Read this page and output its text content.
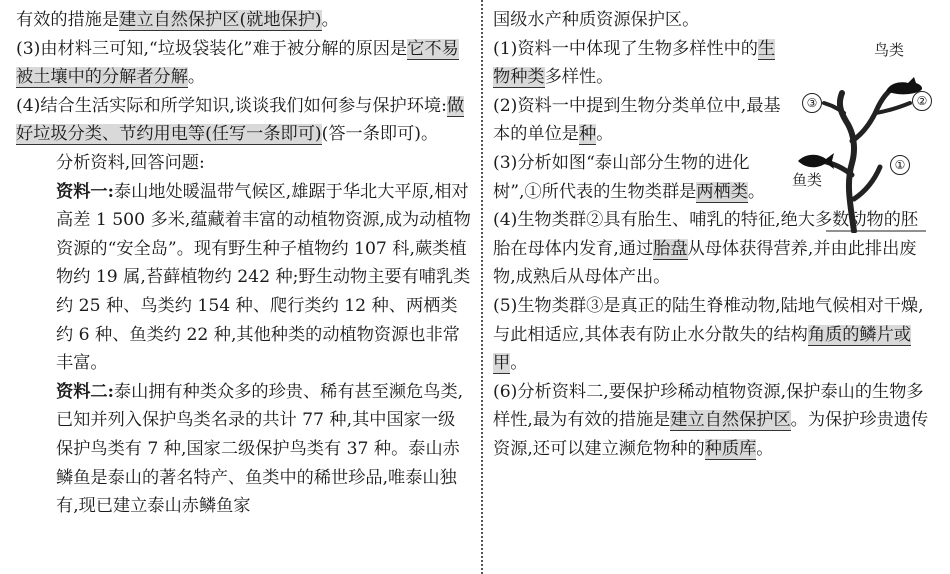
有效的措施是建立自然保护区(就地保护)。

(3)由材料三可知,“垃圾袋装化”难于被分解的原因是它不易被土壤中的分解者分解。

(4)结合生活实际和所学知识,谈谈我们如何参与保护环境:做好垃圾分类、节约用电等(任写一条即可)(答一条即可)。

分析资料,回答问题:

资料一:泰山地处暖温带气候区,雄踞于华北大平原,相对高差 1 500 多米,蕴藏着丰富的动植物资源,成为动植物资源的“安全岛”。现有野生种子植物约 107 科,蕨类植物约 19 属,苔藓植物约 242 种;野生动物主要有哺乳类约 25 种、鸟类约 154 种、爬行类约 12 种、两栖类约 6 种、鱼类约 22 种,其他种类的动植物资源也非常丰富。

资料二:泰山拥有种类众多的珍贵、稀有甚至濒危鸟类,已知并列入保护鸟类名录的共计 77 种,其中国家一级保护鸟类有 7 种,国家二级保护鸟类有 37 种。泰山赤鳞鱼是泰山的著名特产、鱼类中的稀世珍品,唯泰山独有,现已建立泰山赤鳞鱼家

国级水产种质资源保护区。

(1)资料一中体现了生物多样性中的生物种类多样性。

(2)资料一中提到生物分类单位中,最基本的单位是种。

(3)分析如图“泰山部分生物的进化树”,①所代表的生物类群是两栖类。

鸟类
鱼类
③	②
①

(4)生物类群②具有胎生、哺乳的特征,绝大多数动物的胚胎在母体内发育,通过胎盘从母体获得营养,并由此排出废物,成熟后从母体产出。

(5)生物类群③是真正的陆生脊椎动物,陆地气候相对干燥,与此相适应,其体表有防止水分散失的结构角质的鳞片或甲。

(6)分析资料二,要保护珍稀动植物资源,保护泰山的生物多样性,最为有效的措施是建立自然保护区。为保护珍贵遗传资源,还可以建立濒危物种的种质库。
